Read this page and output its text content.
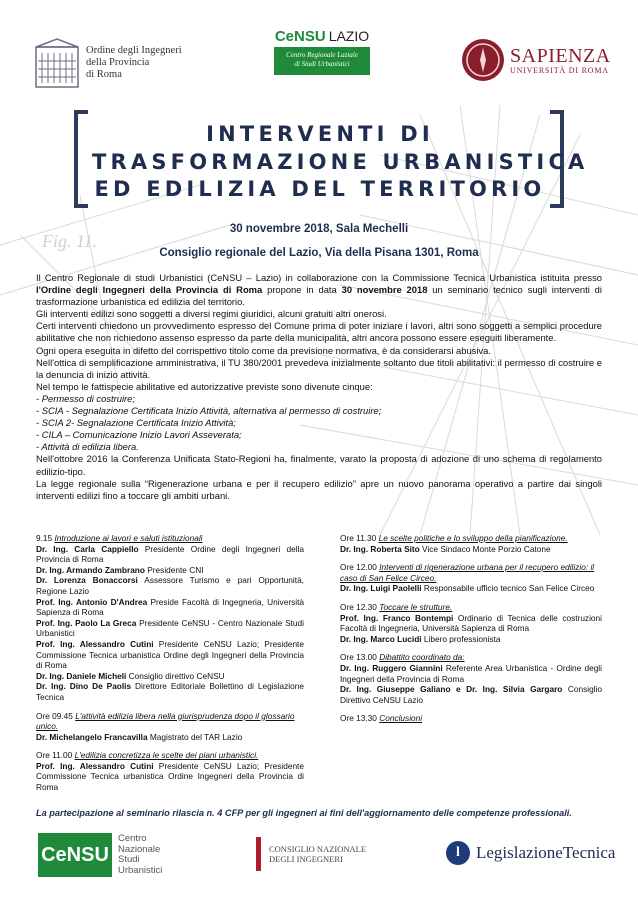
Fig. 11.
Ordine degli Ingegneri
della Provincia
di Roma
CeNSU LAZIO
Centro Regionale Laziale
di Studi Urbanistici	SAPIENZA
UNIVERSITÀ DI ROMA
INTERVENTI DI
TRASFORMAZIONE URBANISTICA
ED EDILIZIA DEL TERRITORIO
30 novembre 2018, Sala Mechelli
Consiglio regionale del Lazio, Via della Pisana 1301, Roma

Il Centro Regionale di studi Urbanistici (CeNSU – Lazio) in collaborazione con la Commissione Tecnica Urbanistica istituita presso l'Ordine degli Ingegneri della Provincia di Roma propone in data 30 novembre 2018 un seminario tecnico sugli interventi di trasformazione urbanistica ed edilizia del territorio.

Gli interventi edilizi sono soggetti a diversi regimi giuridici, alcuni gratuiti altri onerosi.

Certi interventi chiedono un provvedimento espresso del Comune prima di poter iniziare i lavori, altri sono soggetti a semplici procedure abilitative che non richiedono assenso espresso da parte della municipalità, altri ancora possono essere eseguiti liberamente.

Ogni opera eseguita in difetto del corrispettivo titolo come da previsione normativa, è da considerarsi abusiva.

Nell'ottica di semplificazione amministrativa, il TU 380/2001 prevedeva inizialmente soltanto due titoli abilitativi: il permesso di costruire e la denuncia di inizio attività.

Nel tempo le fattispecie abilitative ed autorizzative previste sono divenute cinque:

- Permesso di costruire;

- SCIA - Segnalazione Certificata Inizio Attività, alternativa al permesso di costruire;

- SCIA 2- Segnalazione Certificata Inizio Attività;

- CILA – Comunicazione Inizio Lavori Asseverata;

- Attività di edilizia libera.

Nell'ottobre 2016 la Conferenza Unificata Stato-Regioni ha, finalmente, varato la proposta di adozione di uno schema di regolamento edilizio-tipo.

La legge regionale sulla “Rigenerazione urbana e per il recupero edilizio” apre un nuovo panorama operativo a partire dai singoli interventi edilizi fino a toccare gli ambiti urbani.

9.15 Introduzione ai lavori e saluti istituzionali
Dr. Ing. Carla Cappiello Presidente Ordine degli Ingegneri della Provincia di Roma
Dr. Ing. Armando Zambrano Presidente CNI
Dr. Lorenza Bonaccorsi Assessore Turismo e pari Opportunità, Regione Lazio
Prof. Ing. Antonio D'Andrea Preside Facoltà di Ingegneria, Università Sapienza di Roma
Prof. Ing. Paolo La Greca Presidente CeNSU - Centro Nazionale Studi Urbanistici
Prof. Ing. Alessandro Cutini Presidente CeNSU Lazio; Presidente Commissione Tecnica urbanistica Ordine degli Ingegneri della Provincia di Roma
Dr. Ing. Daniele Micheli Consiglio direttivo CeNSU
Dr. Ing. Dino De Paolis Direttore Editoriale Bollettino di Legislazione Tecnica
Ore 09.45 L'attività edilizia libera nella giurisprudenza dopo il glossario unico.
Dr. Michelangelo Francavilla Magistrato del TAR Lazio
Ore 11.00 L'edilizia concretizza le scelte dei piani urbanistici.
Prof. Ing. Alessandro Cutini Presidente CeNSU Lazio; Presidente Commissione Tecnica urbanistica Ordine Ingegneri della Provincia di Roma
Ore 11.30 Le scelte politiche e lo sviluppo della pianificazione.
Dr. Ing. Roberta Sito Vice Sindaco Monte Porzio Catone
Ore 12.00 Interventi di rigenerazione urbana per il recupero edilizio: il caso di San Felice Circeo.
Dr. Ing. Luigi Paolelli Responsabile ufficio tecnico San Felice Circeo
Ore 12.30 Toccare le strutture.
Prof. Ing. Franco Bontempi Ordinario di Tecnica delle costruzioni Facoltà di Ingegneria, Università Sapienza di Roma
Dr. Ing. Marco Lucidi Libero professionista
Ore 13.00 Dibattito coordinato da:
Dr. Ing. Ruggero Giannini Referente Area Urbanistica - Ordine degli Ingegneri della Provincia di Roma
Dr. Ing. Giuseppe Galiano e Dr. Ing. Silvia Gargaro Consiglio Direttivo CeNSU Lazio
Ore 13.30 Conclusioni
La partecipazione al seminario rilascia n. 4 CFP per gli ingegneri ai fini dell'aggiornamento delle competenze professionali.
CeNSU
Centro
Nazionale
Studi
Urbanistici
CONSIGLIO NAZIONALE
DEGLI INGEGNERI	l LegislazioneTecnica
